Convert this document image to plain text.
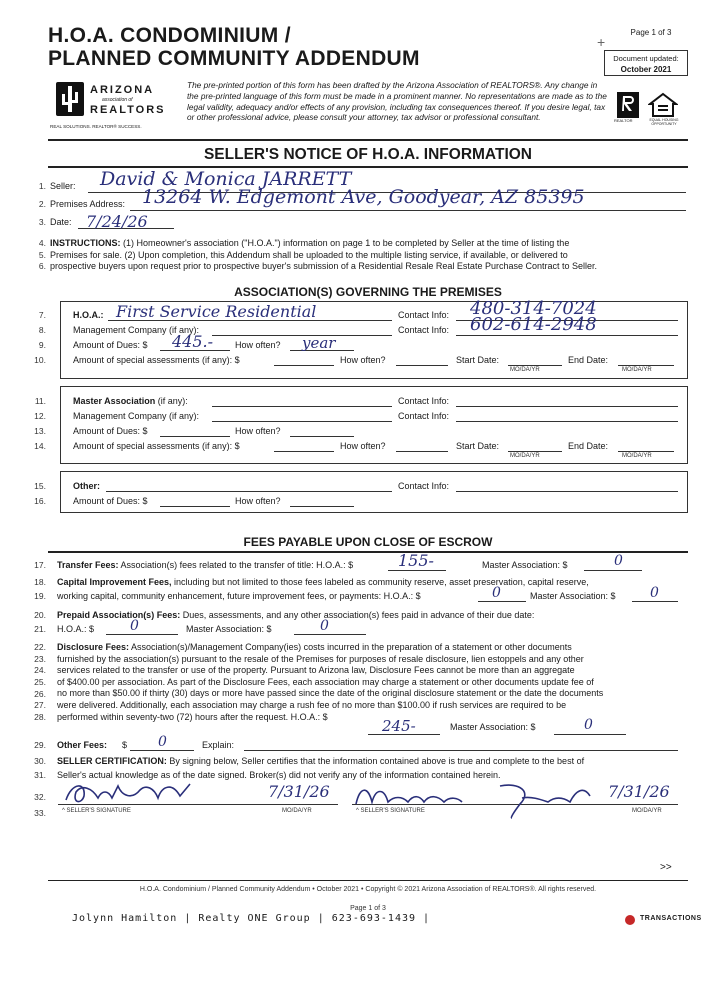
H.O.A. CONDOMINIUM /
PLANNED COMMUNITY ADDENDUM
+
Page 1 of 3
Document updated:
October 2021
ARIZONA
association of
REALTORS
REAL SOLUTIONS. REALTOR® SUCCESS.
The pre-printed portion of this form has been drafted by the Arizona Association of REALTORS®. Any change in the pre-printed language of this form must be made in a prominent manner. No representations are made as to the legal validity, adequacy and/or effects of any provision, including tax consequences thereof. If you desire legal, tax or other professional advice, please consult your attorney, tax advisor or professional consultant.	REALTOR	EQUAL HOUSING OPPORTUNITY
SELLER'S NOTICE OF H.O.A. INFORMATION
1.
2.
3.
4.
5.
6.
7.
8.
9.
10.
11.
12.
13.
14.
15.
16.
17.
18.
19.
20.
21.
22.
23.
24.
25.
26.
27.
28.
29.
30.
31.
32.
33.
Seller: David & Monica JARRETT
Premises Address: 13264 W. Edgemont Ave, Goodyear, AZ 85395
Date: 7/24/26
INSTRUCTIONS: (1) Homeowner's association ("H.O.A.") information on page 1 to be completed by Seller at the time of listing the
Premises for sale. (2) Upon completion, this Addendum shall be uploaded to the multiple listing service, if available, or delivered to
prospective buyers upon request prior to prospective buyer's submission of a Residential Resale Real Estate Purchase Contract to Seller.
ASSOCIATION(S) GOVERNING THE PREMISES
H.O.A.: First Service Residential	Contact Info: 480-314-7024
Management Company (if any):	Contact Info: 602-614-2948
Amount of Dues: $ 445.- How often? year
Amount of special assessments (if any): $	How often?	Start Date:
MO/DA/YR
End Date:
MO/DA/YR
Master Association (if any):	Contact Info:
Management Company (if any):	Contact Info:
Amount of Dues: $	How often?
Amount of special assessments (if any): $	How often?	Start Date:
MO/DA/YR
End Date:
MO/DA/YR
Other:	Contact Info:
Amount of Dues: $	How often?
FEES PAYABLE UPON CLOSE OF ESCROW
Transfer Fees: Association(s) fees related to the transfer of title: H.O.A.: $	155-	Master Association: $	0
Capital Improvement Fees, including but not limited to those fees labeled as community reserve, asset preservation, capital reserve,
working capital, community enhancement, future improvement fees, or payments: H.O.A.: $	0	Master Association: $ 0
Prepaid Association(s) Fees: Dues, assessments, and any other association(s) fees paid in advance of their due date:
H.O.A.: $	0	Master Association: $	0
Disclosure Fees: Association(s)/Management Company(ies) costs incurred in the preparation of a statement or other documents
furnished by the association(s) pursuant to the resale of the Premises for purposes of resale disclosure, lien estoppels and any other
services related to the transfer or use of the property. Pursuant to Arizona law, Disclosure Fees cannot be more than an aggregate
of $400.00 per association. As part of the Disclosure Fees, each association may charge a statement or other documents update fee of
no more than $50.00 if thirty (30) days or more have passed since the date of the original disclosure statement or the date the documents
were delivered. Additionally, each association may charge a rush fee of no more than $100.00 if rush services are required to be
performed within seventy-two (72) hours after the request. H.O.A.: $
245-	Master Association: $	0
Other Fees: $ 0	Explain:
SELLER CERTIFICATION: By signing below, Seller certifies that the information contained above is true and complete to the best of
Seller's actual knowledge as of the date signed. Broker(s) did not verify any of the information contained herein.
7/31/26	7/31/26
^ SELLER'S SIGNATURE	MO/DA/YR	^ SELLER'S SIGNATURE	MO/DA/YR
>>
H.O.A. Condominium / Planned Community Addendum • October 2021 • Copyright © 2021 Arizona Association of REALTORS®. All rights reserved.
Page 1 of 3
Jolynn Hamilton | Realty ONE Group | 623-693-1439 |	TRANSACTIONS
